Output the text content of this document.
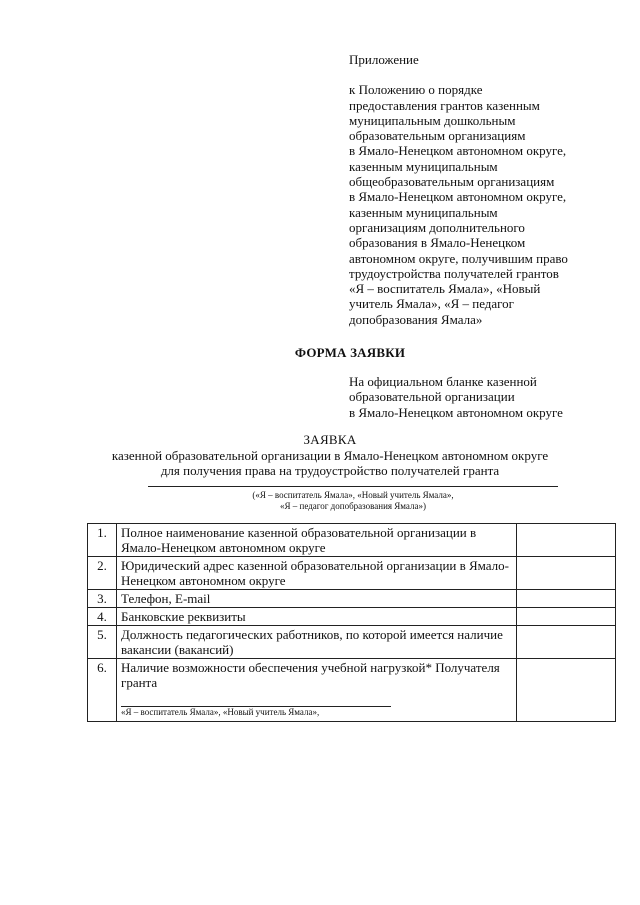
Приложение
к Положению о порядке
предоставления грантов казенным
муниципальным дошкольным
образовательным организациям
в Ямало-Ненецком автономном округе,
казенным муниципальным
общеобразовательным организациям
в Ямало-Ненецком автономном округе,
казенным муниципальным
организациям дополнительного
образования в Ямало-Ненецком
автономном округе, получившим право
трудоустройства получателей грантов
«Я – воспитатель Ямала», «Новый
учитель Ямала», «Я – педагог
допобразования Ямала»
ФОРМА ЗАЯВКИ
На официальном бланке казенной
образовательной организации
в Ямало-Ненецком автономном округе
ЗАЯВКА
казенной образовательной организации в Ямало-Ненецком автономном округе
для получения права на трудоустройство получателей гранта
(«Я – воспитатель Ямала», «Новый учитель Ямала»,
«Я – педагог допобразования Ямала»)
1.	Полное наименование казенной образовательной организации в Ямало-Ненецком автономном округе	
2.	Юридический адрес казенной образовательной организации в Ямало-Ненецком автономном округе	
3.	Телефон, E-mail	
4.	Банковские реквизиты	
5.	Должность педагогических работников, по которой имеется наличие вакансии (вакансий)	
6.	Наличие возможности обеспечения учебной нагрузкой* Получателя гранта
«Я – воспитатель Ямала», «Новый учитель Ямала»,	
